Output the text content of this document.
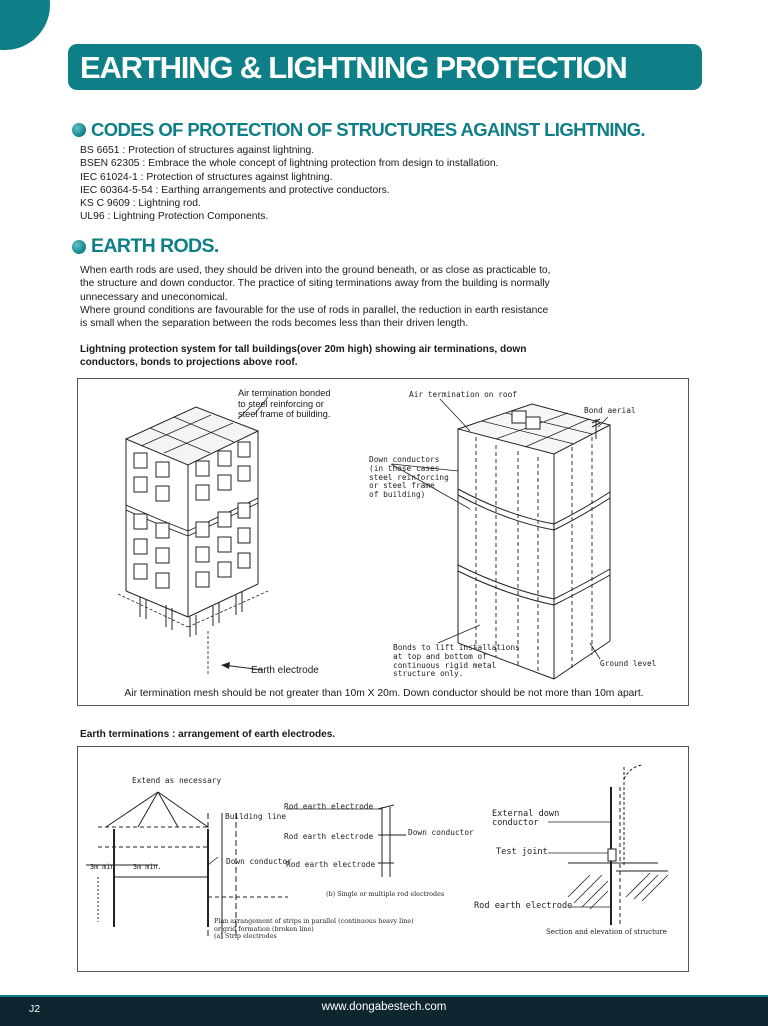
EARTHING & LIGHTNING PROTECTION
CODES OF PROTECTION OF STRUCTURES AGAINST LIGHTNING.
BS 6651 : Protection of structures against lightning.
BSEN 62305 : Embrace the whole concept of lightning protection from design to installation.
IEC 61024-1 : Protection of structures against lightning.
IEC 60364-5-54 : Earthing arrangements and protective conductors.
KS C 9609 : Lightning rod.
UL96 : Lightning Protection Components.
EARTH RODS.
When earth rods are used, they should be driven into the ground beneath, or as close as practicable to,
the structure and down conductor. The practice of siting terminations away from the building is normally
unnecessary and uneconomical.
Where ground conditions are favourable for the use of rods in parallel, the reduction in earth resistance
is small when the separation between the rods becomes less than their driven length.
Lightning protection system for tall buildings(over 20m high) showing air terminations, down
conductors, bonds to projections above roof.
Air termination bonded
to steel reinforcing or
steel frame of building.
Earth electrode
Air termination on roof
Bond aerial
Down conductors
(in these cases
steel reinforcing
or steel frame
of building)
Bonds to lift installations
at top and bottom of
continuous rigid metal
structure only.
Ground level
Air termination mesh should be not greater than 10m X 20m. Down conductor should be not more than 10m apart.
Earth terminations : arrangement of earth electrodes.
Extend as necessary
Building line
3m min	3m min.
Down conductor
Rod earth electrode
Rod earth electrode
Rod earth electrode
Down conductor
(b) Single or multiple rod electrodes
Plan arrangement of strips in parallel (continuous heavy line)
or grid formation (broken line)
(a) Strip electrodes
External down
conductor
Test joint
Rod earth electrode
Section and elevation of structure
J2	www.dongabestech.com
